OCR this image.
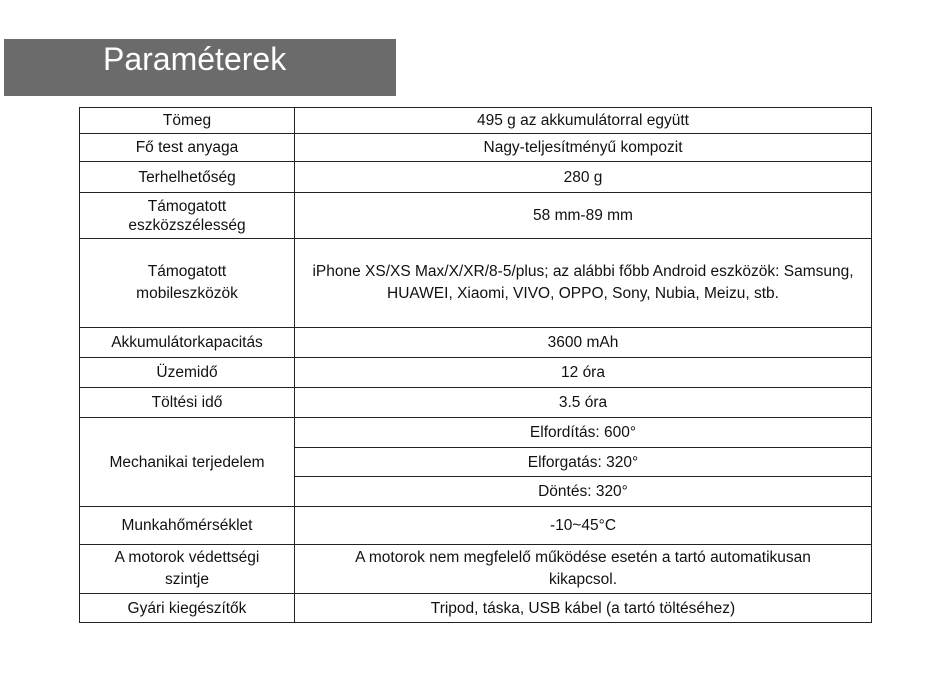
Paraméterek
Tömeg	495 g az akkumulátorral együtt
Fő test anyaga	Nagy-teljesítményű kompozit
Terhelhetőség	280 g
Támogatott eszközszélesség	58 mm-89 mm
Támogatott mobileszközök	iPhone XS/XS Max/X/XR/8-5/plus; az alábbi főbb Android eszközök: Samsung, HUAWEI, Xiaomi, VIVO, OPPO, Sony, Nubia, Meizu, stb.
Akkumulátorkapacitás	3600 mAh
Üzemidő	12 óra
Töltési idő	3.5 óra
Mechanikai terjedelem	Elfordítás: 600°
	Elforgatás: 320°
	Döntés: 320°
Munkahőmérséklet	-10~45°C
A motorok védettségi szintje	A motorok nem megfelelő működése esetén a tartó automatikusan kikapcsol.
Gyári kiegészítők	Tripod, táska, USB kábel (a tartó töltéséhez)
